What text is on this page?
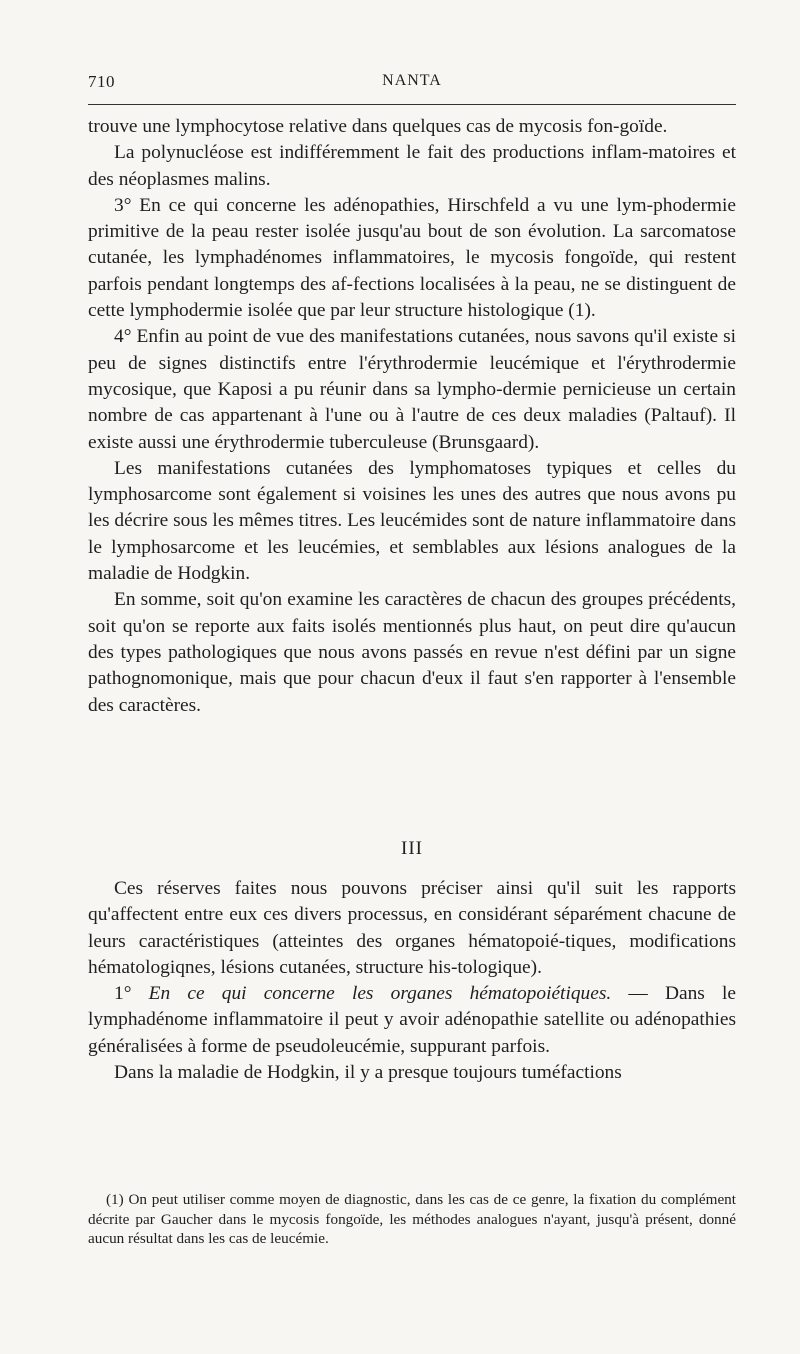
710	NANTA

trouve une lymphocytose relative dans quelques cas de mycosis fon-goïde.

La polynucléose est indifféremment le fait des productions inflam-matoires et des néoplasmes malins.

3° En ce qui concerne les adénopathies, Hirschfeld a vu une lym-phodermie primitive de la peau rester isolée jusqu'au bout de son évolution. La sarcomatose cutanée, les lymphadénomes inflammatoires, le mycosis fongoïde, qui restent parfois pendant longtemps des af-fections localisées à la peau, ne se distinguent de cette lymphodermie isolée que par leur structure histologique (1).

4° Enfin au point de vue des manifestations cutanées, nous savons qu'il existe si peu de signes distinctifs entre l'érythrodermie leucémique et l'érythrodermie mycosique, que Kaposi a pu réunir dans sa lympho-dermie pernicieuse un certain nombre de cas appartenant à l'une ou à l'autre de ces deux maladies (Paltauf). Il existe aussi une érythrodermie tuberculeuse (Brunsgaard).

Les manifestations cutanées des lymphomatoses typiques et celles du lymphosarcome sont également si voisines les unes des autres que nous avons pu les décrire sous les mêmes titres. Les leucémides sont de nature inflammatoire dans le lymphosarcome et les leucémies, et semblables aux lésions analogues de la maladie de Hodgkin.

En somme, soit qu'on examine les caractères de chacun des groupes précédents, soit qu'on se reporte aux faits isolés mentionnés plus haut, on peut dire qu'aucun des types pathologiques que nous avons passés en revue n'est défini par un signe pathognomonique, mais que pour chacun d'eux il faut s'en rapporter à l'ensemble des caractères.

III

Ces réserves faites nous pouvons préciser ainsi qu'il suit les rapports qu'affectent entre eux ces divers processus, en considérant séparément chacune de leurs caractéristiques (atteintes des organes hématopoié-tiques, modifications hématologiqnes, lésions cutanées, structure his-tologique).

1° En ce qui concerne les organes hématopoiétiques. — Dans le lymphadénome inflammatoire il peut y avoir adénopathie satellite ou adénopathies généralisées à forme de pseudoleucémie, suppurant parfois.

Dans la maladie de Hodgkin, il y a presque toujours tuméfactions

(1) On peut utiliser comme moyen de diagnostic, dans les cas de ce genre, la fixation du complément décrite par Gaucher dans le mycosis fongoïde, les méthodes analogues n'ayant, jusqu'à présent, donné aucun résultat dans les cas de leucémie.
